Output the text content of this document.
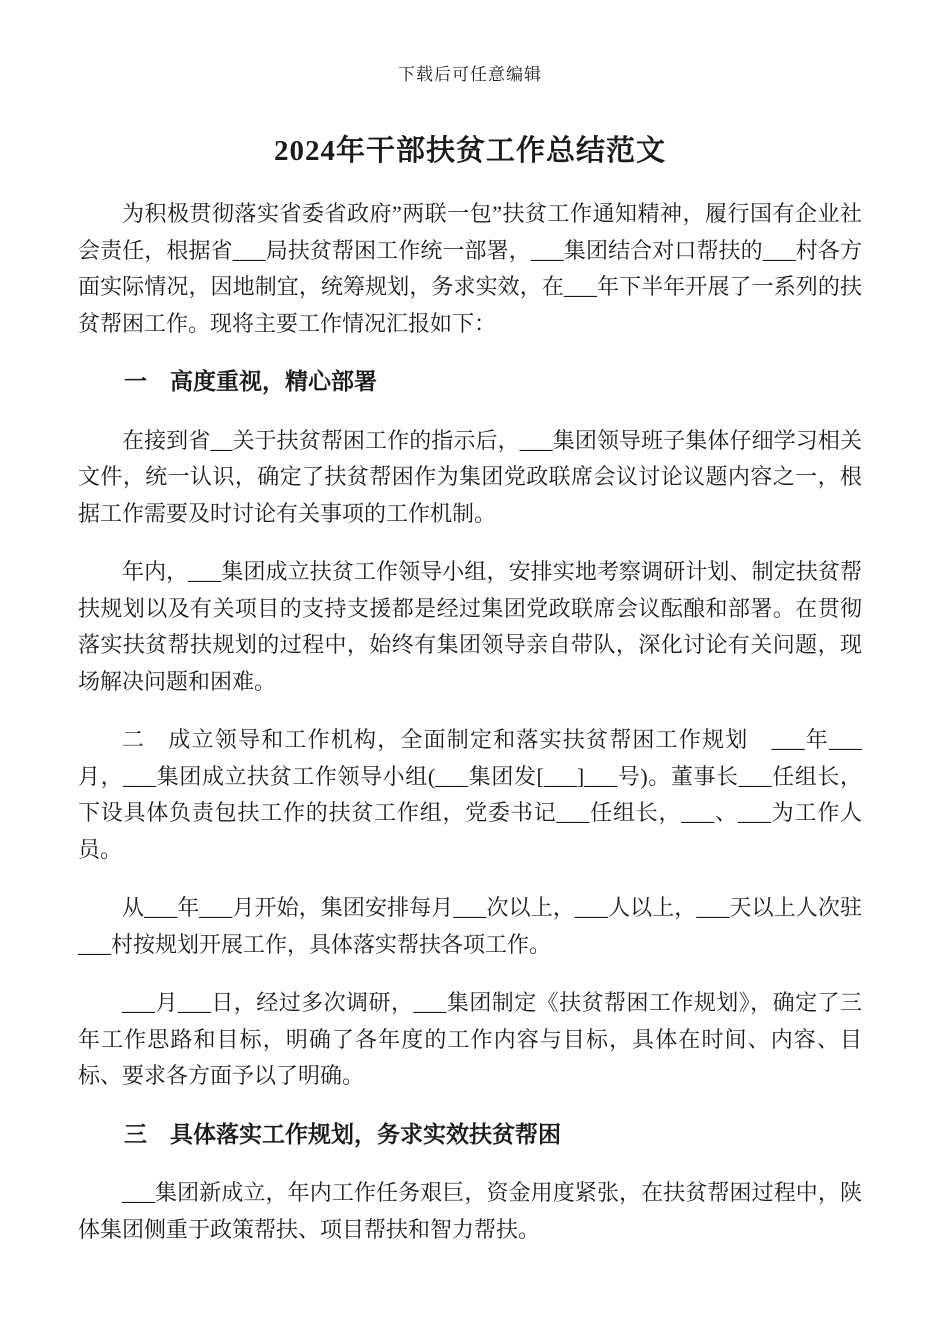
下载后可任意编辑
2024年干部扶贫工作总结范文

为积极贯彻落实省委省政府”两联一包”扶贫工作通知精神，履行国有企业社会责任，根据省___局扶贫帮困工作统一部署，___集团结合对口帮扶的___村各方面实际情况，因地制宜，统筹规划，务求实效，在___年下半年开展了一系列的扶贫帮困工作。现将主要工作情况汇报如下：

一　高度重视，精心部署

在接到省__关于扶贫帮困工作的指示后，___集团领导班子集体仔细学习相关文件，统一认识，确定了扶贫帮困作为集团党政联席会议讨论议题内容之一，根据工作需要及时讨论有关事项的工作机制。

年内，___集团成立扶贫工作领导小组，安排实地考察调研计划、制定扶贫帮扶规划以及有关项目的支持支援都是经过集团党政联席会议酝酿和部署。在贯彻落实扶贫帮扶规划的过程中，始终有集团领导亲自带队，深化讨论有关问题，现场解决问题和困难。

二　成立领导和工作机构，全面制定和落实扶贫帮困工作规划　___年___月，___集团成立扶贫工作领导小组(___集团发[___]___号)。董事长___任组长，下设具体负责包扶工作的扶贫工作组，党委书记___任组长，___、___为工作人员。

从___年___月开始，集团安排每月___次以上，___人以上，___天以上人次驻___村按规划开展工作，具体落实帮扶各项工作。

___月___日，经过多次调研，___集团制定《扶贫帮困工作规划》，确定了三年工作思路和目标，明确了各年度的工作内容与目标，具体在时间、内容、目标、要求各方面予以了明确。

三　具体落实工作规划，务求实效扶贫帮困

___集团新成立，年内工作任务艰巨，资金用度紧张，在扶贫帮困过程中，陕体集团侧重于政策帮扶、项目帮扶和智力帮扶。
